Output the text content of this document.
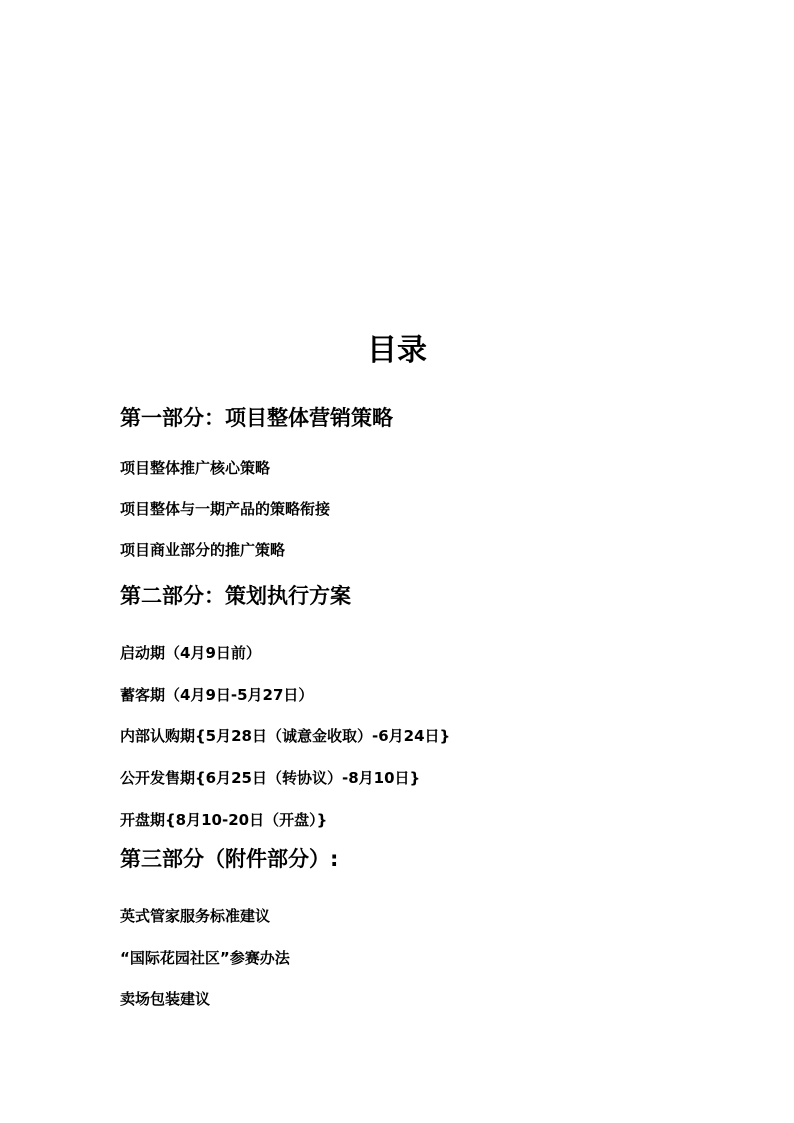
目录
第一部分：项目整体营销策略
项目整体推广核心策略
项目整体与一期产品的策略衔接
项目商业部分的推广策略
第二部分：策划执行方案
启动期（4月9日前）
蓄客期（4月9日-5月27日）
内部认购期{5月28日（诚意金收取）-6月24日}
公开发售期{6月25日（转协议）-8月10日}
开盘期{8月10-20日（开盘）}
第三部分（附件部分）:
英式管家服务标准建议
“国际花园社区”参赛办法
卖场包装建议
